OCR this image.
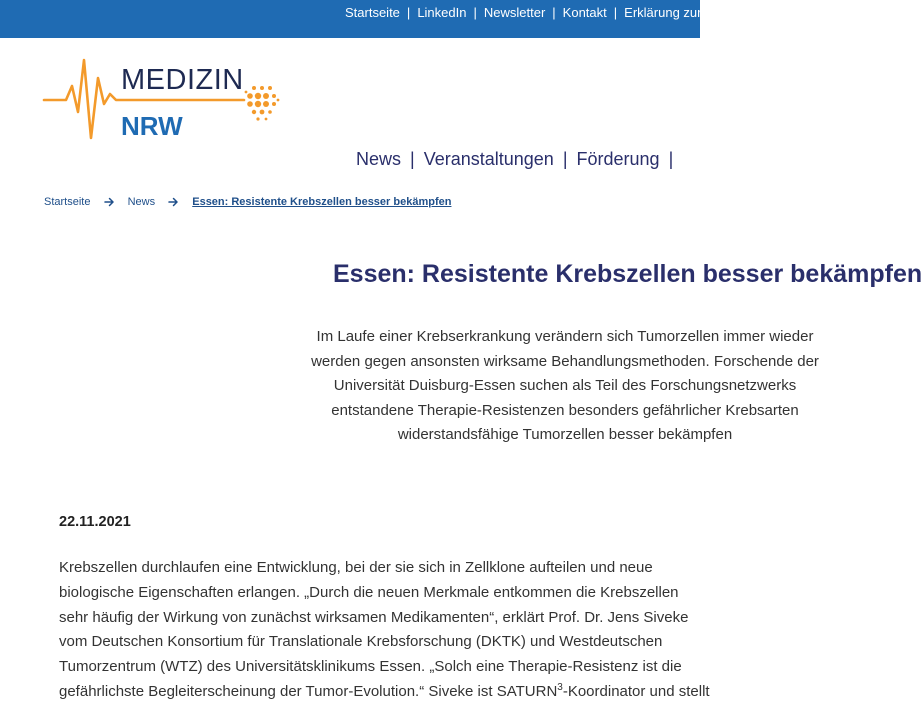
Startseite | LinkedIn | Newsletter | Kontakt | Erklärung zur Barrierefreiheit
MEDIZIN
NRW
News | Veranstaltungen | Förderung |
Startseite	News	Essen: Resistente Krebszellen besser bekämpfen
Essen: Resistente Krebszellen besser bekämpfen
Im Laufe einer Krebserkrankung verändern sich Tumorzellen immer wieder
werden gegen ansonsten wirksame Behandlungsmethoden. Forschende der
Universität Duisburg-Essen suchen als Teil des Forschungsnetzwerks
entstandene Therapie-Resistenzen besonders gefährlicher Krebsarten
widerstandsfähige Tumorzellen besser bekämpfen
22.11.2021
Krebszellen durchlaufen eine Entwicklung, bei der sie sich in Zellklone aufteilen und neue
biologische Eigenschaften erlangen. „Durch die neuen Merkmale entkommen die Krebszellen
sehr häufig der Wirkung von zunächst wirksamen Medikamenten“, erklärt Prof. Dr. Jens Siveke
vom Deutschen Konsortium für Translationale Krebsforschung (DKTK) und Westdeutschen
Tumorzentrum (WTZ) des Universitätsklinikums Essen. „Solch eine Therapie-Resistenz ist die
gefährlichste Begleiterscheinung der Tumor-Evolution.“ Siveke ist SATURN$^3$-Koordinator und stellt
